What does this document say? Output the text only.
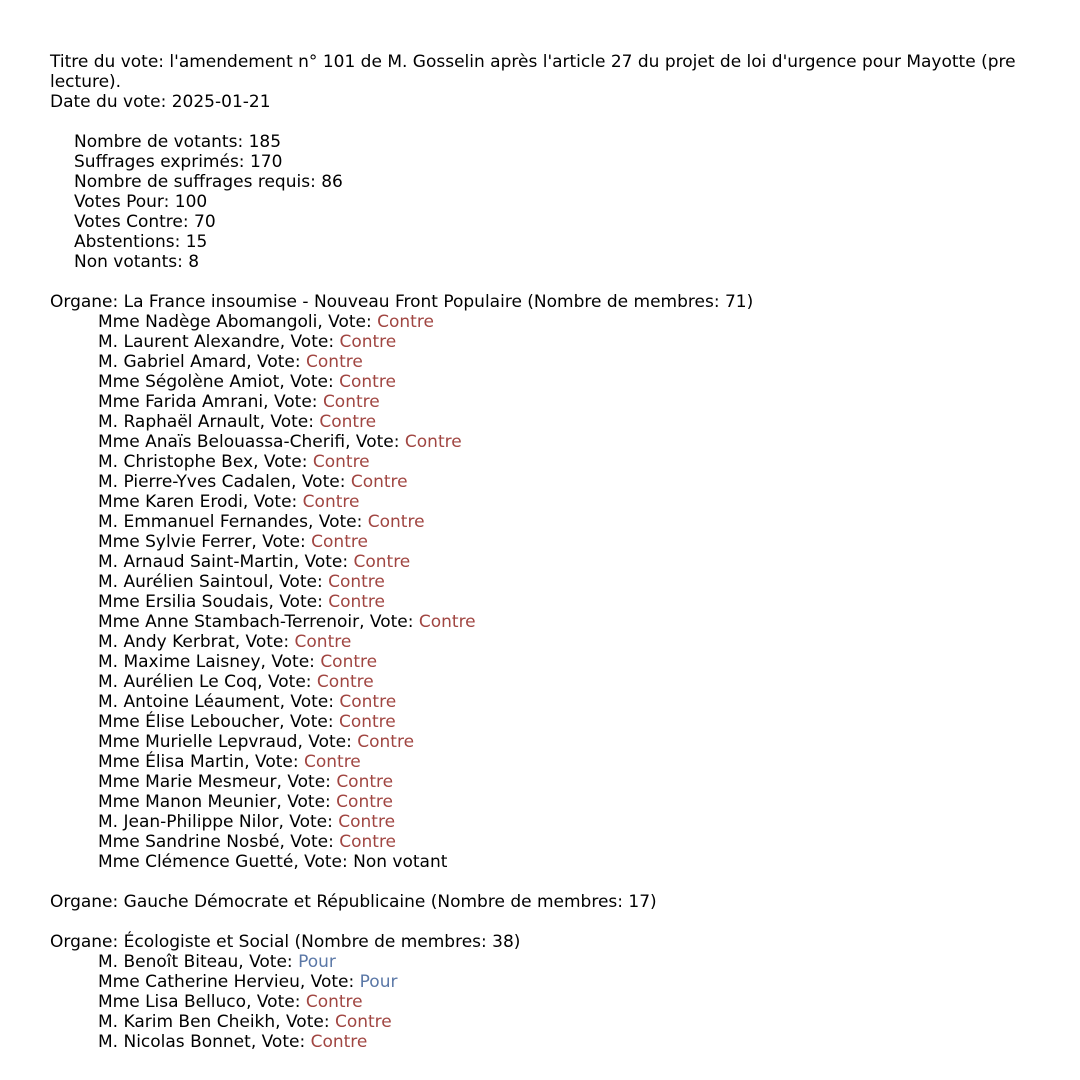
Titre du vote: l'amendement n° 101 de M. Gosselin après l'article 27 du projet de loi d'urgence pour Mayotte (pre
lecture).
Date du vote: 2025-01-21
Nombre de votants: 185
Suffrages exprimés: 170
Nombre de suffrages requis: 86
Votes Pour: 100
Votes Contre: 70
Abstentions: 15
Non votants: 8
Organe: La France insoumise - Nouveau Front Populaire (Nombre de membres: 71)
Mme Nadège Abomangoli, Vote: Contre
M. Laurent Alexandre, Vote: Contre
M. Gabriel Amard, Vote: Contre
Mme Ségolène Amiot, Vote: Contre
Mme Farida Amrani, Vote: Contre
M. Raphaël Arnault, Vote: Contre
Mme Anaïs Belouassa-Cherifi, Vote: Contre
M. Christophe Bex, Vote: Contre
M. Pierre-Yves Cadalen, Vote: Contre
Mme Karen Erodi, Vote: Contre
M. Emmanuel Fernandes, Vote: Contre
Mme Sylvie Ferrer, Vote: Contre
M. Arnaud Saint-Martin, Vote: Contre
M. Aurélien Saintoul, Vote: Contre
Mme Ersilia Soudais, Vote: Contre
Mme Anne Stambach-Terrenoir, Vote: Contre
M. Andy Kerbrat, Vote: Contre
M. Maxime Laisney, Vote: Contre
M. Aurélien Le Coq, Vote: Contre
M. Antoine Léaument, Vote: Contre
Mme Élise Leboucher, Vote: Contre
Mme Murielle Lepvraud, Vote: Contre
Mme Élisa Martin, Vote: Contre
Mme Marie Mesmeur, Vote: Contre
Mme Manon Meunier, Vote: Contre
M. Jean-Philippe Nilor, Vote: Contre
Mme Sandrine Nosbé, Vote: Contre
Mme Clémence Guetté, Vote: Non votant
Organe: Gauche Démocrate et Républicaine (Nombre de membres: 17)
Organe: Écologiste et Social (Nombre de membres: 38)
M. Benoît Biteau, Vote: Pour
Mme Catherine Hervieu, Vote: Pour
Mme Lisa Belluco, Vote: Contre
M. Karim Ben Cheikh, Vote: Contre
M. Nicolas Bonnet, Vote: Contre
